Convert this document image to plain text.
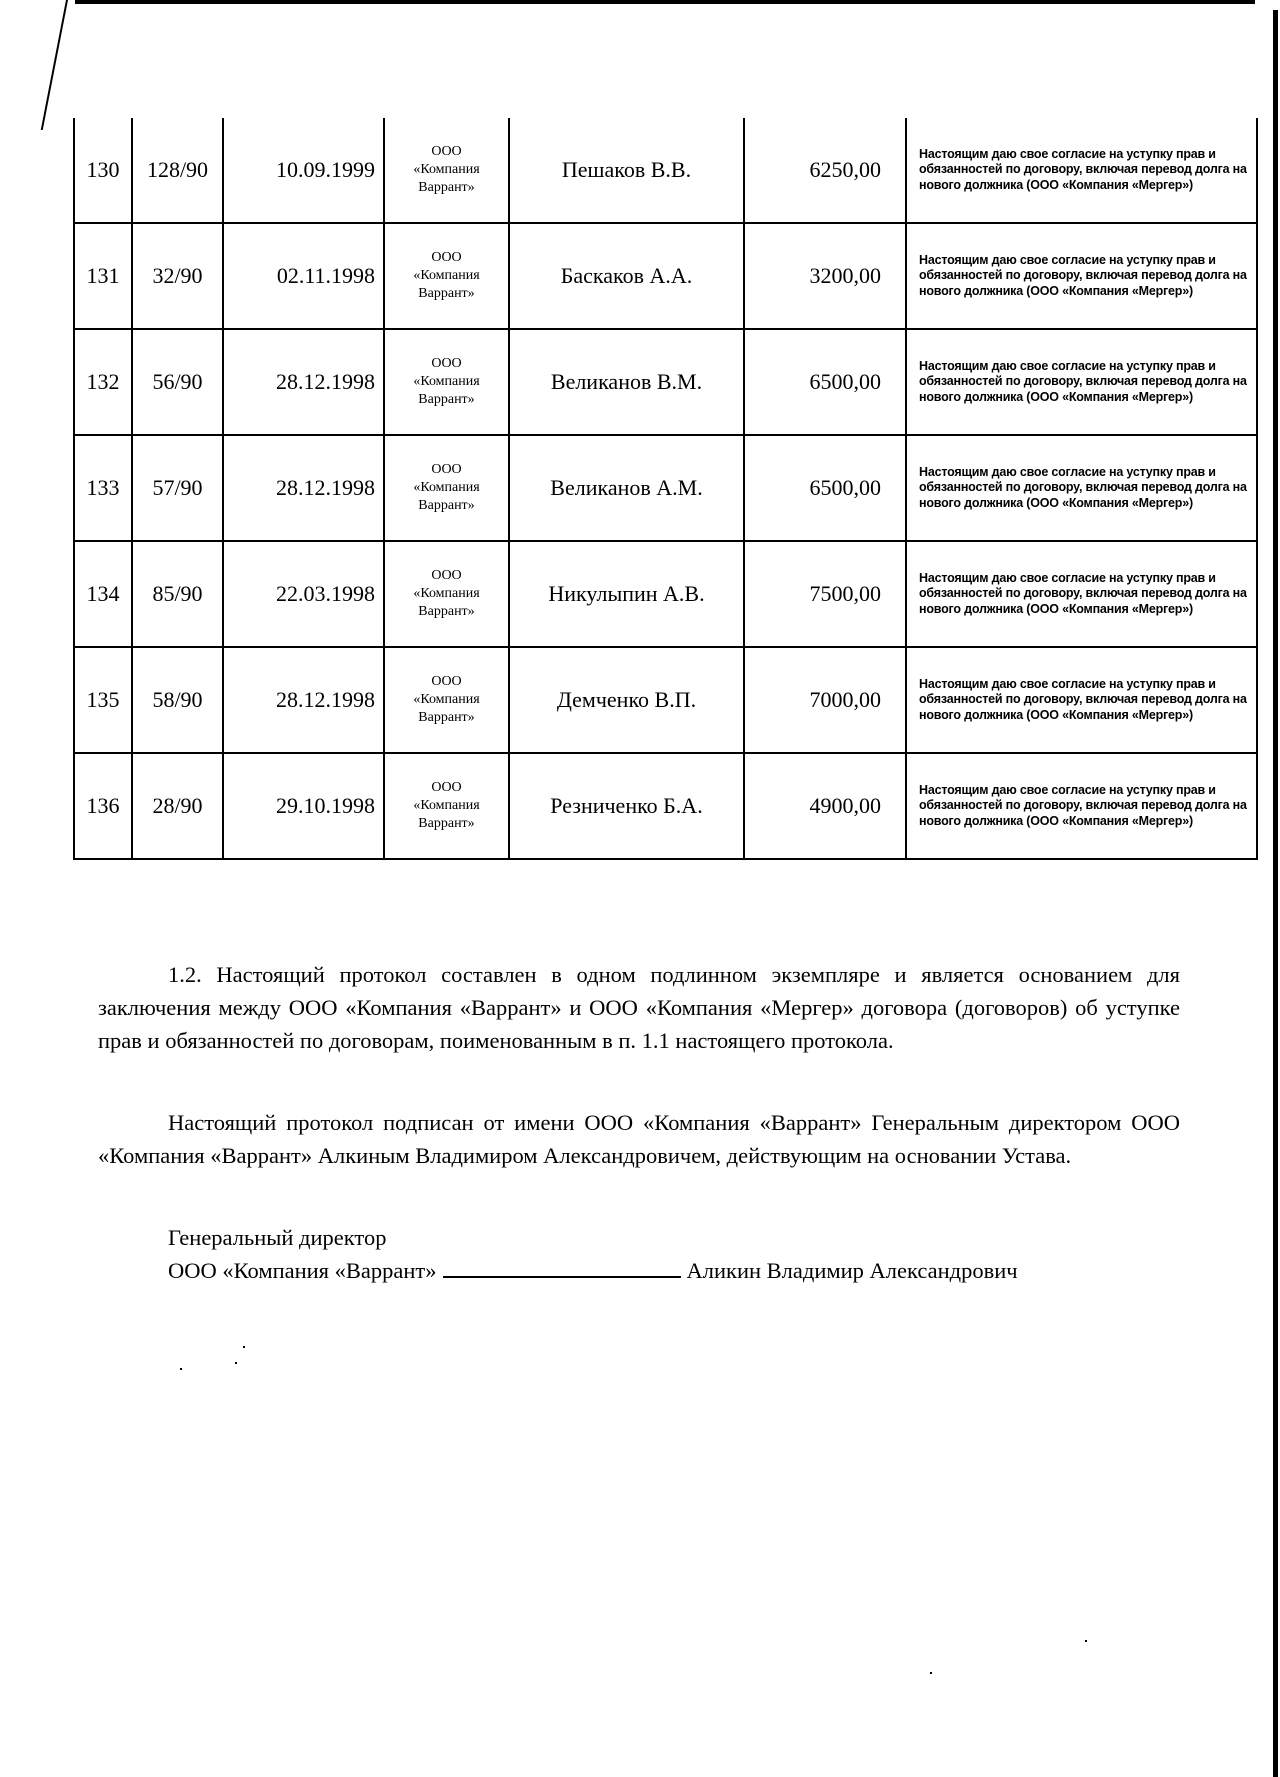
130	128/90	10.09.1999	ООО
«Компания
Варрант»	Пешаков В.В.	6250,00	Настоящим даю свое согласие на уступку прав и обязанностей по договору, включая перевод долга на нового должника (ООО «Компания «Мергер»)
131	32/90	02.11.1998	ООО
«Компания
Варрант»	Баскаков А.А.	3200,00	Настоящим даю свое согласие на уступку прав и обязанностей по договору, включая перевод долга на нового должника (ООО «Компания «Мергер»)
132	56/90	28.12.1998	ООО
«Компания
Варрант»	Великанов В.М.	6500,00	Настоящим даю свое согласие на уступку прав и обязанностей по договору, включая перевод долга на нового должника (ООО «Компания «Мергер»)
133	57/90	28.12.1998	ООО
«Компания
Варрант»	Великанов А.М.	6500,00	Настоящим даю свое согласие на уступку прав и обязанностей по договору, включая перевод долга на нового должника (ООО «Компания «Мергер»)
134	85/90	22.03.1998	ООО
«Компания
Варрант»	Никулыпин А.В.	7500,00	Настоящим даю свое согласие на уступку прав и обязанностей по договору, включая перевод долга на нового должника (ООО «Компания «Мергер»)
135	58/90	28.12.1998	ООО
«Компания
Варрант»	Демченко В.П.	7000,00	Настоящим даю свое согласие на уступку прав и обязанностей по договору, включая перевод долга на нового должника (ООО «Компания «Мергер»)
136	28/90	29.10.1998	ООО
«Компания
Варрант»	Резниченко Б.А.	4900,00	Настоящим даю свое согласие на уступку прав и обязанностей по договору, включая перевод долга на нового должника (ООО «Компания «Мергер»)
1.2. Настоящий протокол составлен в одном подлинном экземпляре и является основанием для заключения между ООО «Компания «Варрант» и ООО «Компания «Мергер» договора (договоров) об уступке прав и обязанностей по договорам, поименованным в п. 1.1 настоящего протокола.
Настоящий протокол подписан от имени ООО «Компания «Варрант» Генеральным директором ООО «Компания «Варрант» Алкиным Владимиром Александровичем, действующим на основании Устава.
Генеральный директор
ООО «Компания «Варрант»	Аликин Владимир Александрович
